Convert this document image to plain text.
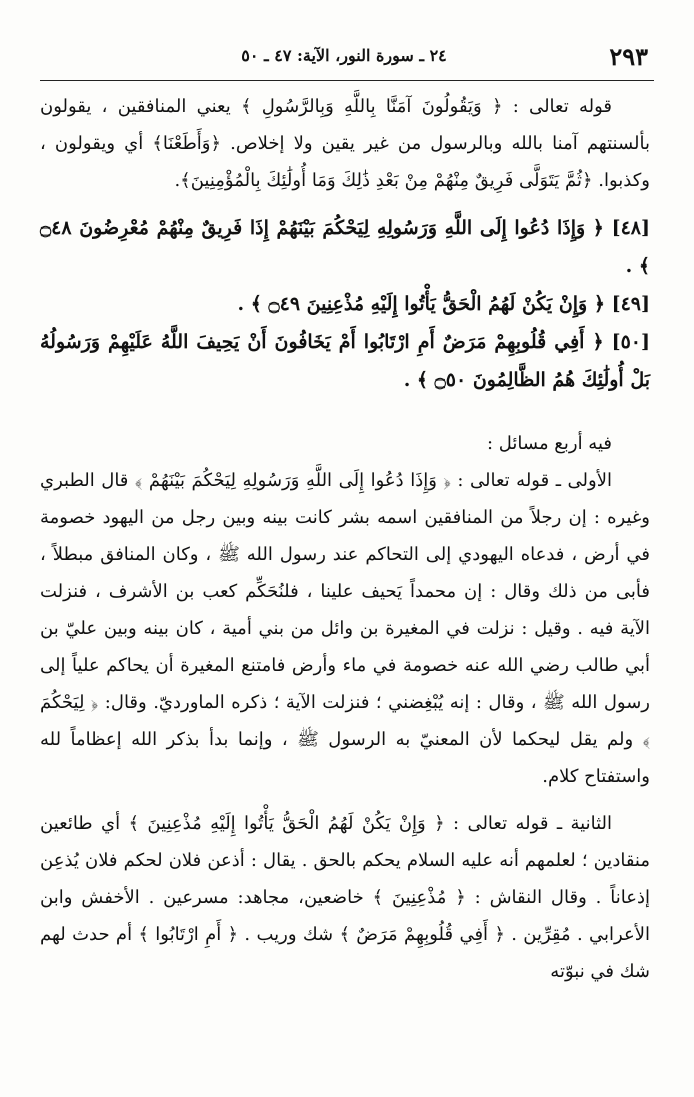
٢٩٣
٢٤ ـ سورة النور، الآية: ٤٧ ـ ٥٠

قوله تعالى : ﴿ وَيَقُولُونَ آمَنَّا بِاللَّهِ وَبِالرَّسُولِ ﴾ يعني المنافقين ، يقولون بألسنتهم آمنا بالله وبالرسول من غير يقين ولا إخلاص. ﴿وَأَطَعْنَا﴾ أي ويقولون ، وكذبوا. ﴿ثُمَّ يَتَوَلَّى فَرِيقٌ مِنْهُمْ مِنْ بَعْدِ ذَٰلِكَ وَمَا أُولَٰئِكَ بِالْمُؤْمِنِينَ﴾.

[٤٨] ﴿ وَإِذَا دُعُوا إِلَى اللَّهِ وَرَسُولِهِ لِيَحْكُمَ بَيْنَهُمْ إِذَا فَرِيقٌ مِنْهُمْ مُعْرِضُونَ ۝٤٨ ﴾ .

[٤٩] ﴿ وَإِنْ يَكُنْ لَهُمُ الْحَقُّ يَأْتُوا إِلَيْهِ مُذْعِنِينَ ۝٤٩ ﴾ .

[٥٠] ﴿ أَفِي قُلُوبِهِمْ مَرَضٌ أَمِ ارْتَابُوا أَمْ يَخَافُونَ أَنْ يَحِيفَ اللَّهُ عَلَيْهِمْ وَرَسُولُهُ بَلْ أُولَٰئِكَ هُمُ الظَّالِمُونَ ۝٥٠ ﴾ .

فيه أربع مسائل :

الأولى ـ قوله تعالى : ﴿ وَإِذَا دُعُوا إِلَى اللَّهِ وَرَسُولِهِ لِيَحْكُمَ بَيْنَهُمْ ﴾ قال الطبري وغيره : إن رجلاً من المنافقين اسمه بشر كانت بينه وبين رجل من اليهود خصومة في أرض ، فدعاه اليهودي إلى التحاكم عند رسول الله ﷺ ، وكان المنافق مبطلاً ، فأبى من ذلك وقال : إن محمداً يَحيف علينا ، فلنُحَكِّم كعب بن الأشرف ، فنزلت الآية فيه . وقيل : نزلت في المغيرة بن وائل من بني أمية ، كان بينه وبين عليّ بن أبي طالب رضي الله عنه خصومة في ماء وأرض فامتنع المغيرة أن يحاكم علياً إلى رسول الله ﷺ ، وقال : إنه يُبْغِضني ؛ فنزلت الآية ؛ ذكره الماورديّ. وقال: ﴿ لِيَحْكُمَ ﴾ ولم يقل ليحكما لأن المعنيّ به الرسول ﷺ ، وإنما بدأ بذكر الله إعظاماً لله واستفتاح كلام.

الثانية ـ قوله تعالى : ﴿ وَإِنْ يَكُنْ لَهُمُ الْحَقُّ يَأْتُوا إِلَيْهِ مُذْعِنِينَ ﴾ أي طائعين منقادين ؛ لعلمهم أنه عليه السلام يحكم بالحق . يقال : أذعن فلان لحكم فلان يُذعِن إذعاناً . وقال النقاش : ﴿ مُذْعِنِينَ ﴾ خاضعين، مجاهد: مسرعين . الأخفش وابن الأعرابي . مُقِرِّين . ﴿ أَفِي قُلُوبِهِمْ مَرَضٌ ﴾ شك وريب . ﴿ أَمِ ارْتَابُوا ﴾ أم حدث لهم شك في نبوّته
